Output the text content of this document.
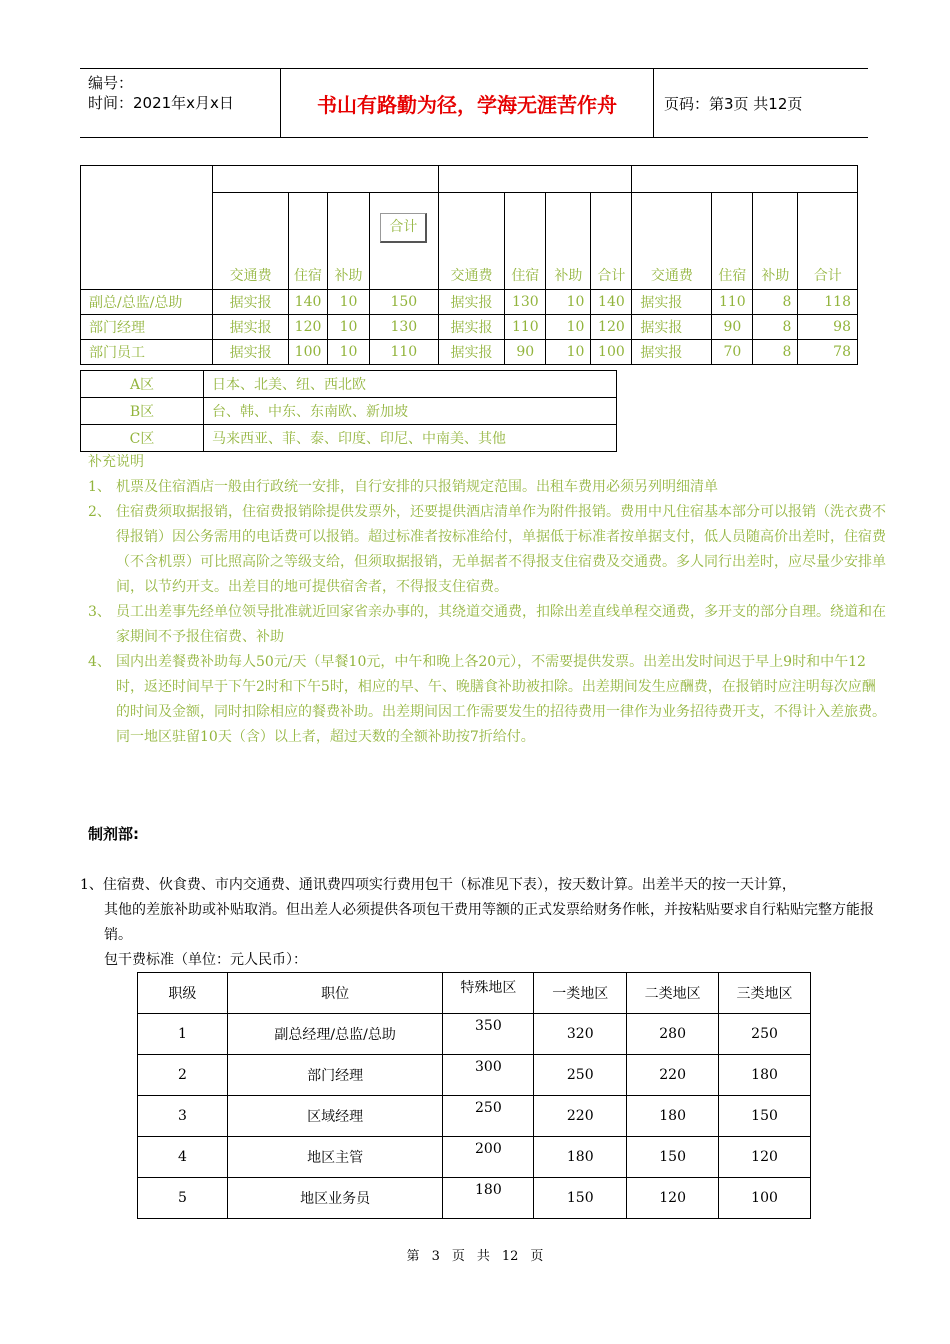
编号：
时间：2021年x月x日	书山有路勤为径，学海无涯苦作舟	页码：第3页 共12页

	交通费	住宿	补助	合计	交通费	住宿	补助	合计	交通费	住宿	补助	合计
副总/总监/总助	据实报	140	10	150	据实报	130	10	140	据实报	110	8	118
部门经理	据实报	120	10	130	据实报	110	10	120	据实报	90	8	98
部门员工	据实报	100	10	110	据实报	90	10	100	据实报	70	8	78
A区	日本、北美、纽、西北欧
B区	台、韩、中东、东南欧、新加坡
C区	马来西亚、菲、泰、印度、印尼、中南美、其他
补充说明
1、 机票及住宿酒店一般由行政统一安排，自行安排的只报销规定范围。出租车费用必须另列明细清单
2、 住宿费须取据报销，住宿费报销除提供发票外，还要提供酒店清单作为附件报销。费用中凡住宿基本部分可以报销（洗衣费不得报销）因公务需用的电话费可以报销。超过标准者按标准给付，单据低于标准者按单据支付，低人员随高价出差时，住宿费（不含机票）可比照高阶之等级支给，但须取据报销，无单据者不得报支住宿费及交通费。多人同行出差时，应尽量少安排单间，以节约开支。出差目的地可提供宿舍者，不得报支住宿费。
3、 员工出差事先经单位领导批准就近回家省亲办事的，其绕道交通费，扣除出差直线单程交通费，多开支的部分自理。绕道和在家期间不予报住宿费、补助
4、 国内出差餐费补助每人50元/天（早餐10元，中午和晚上各20元），不需要提供发票。出差出发时间迟于早上9时和中午12时，返还时间早于下午2时和下午5时，相应的早、午、晚膳食补助被扣除。出差期间发生应酬费，在报销时应注明每次应酬的时间及金额，同时扣除相应的餐费补助。出差期间因工作需要发生的招待费用一律作为业务招待费开支，不得计入差旅费。同一地区驻留10天（含）以上者，超过天数的全额补助按7折给付。
制剂部:
1、住宿费、伙食费、市内交通费、通讯费四项实行费用包干（标准见下表），按天数计算。出差半天的按一天计算，
其他的差旅补助或补贴取消。但出差人必须提供各项包干费用等额的正式发票给财务作帐，并按粘贴要求自行粘贴完整方能报销。
包干费标准（单位：元人民币）：
职级	职位	特殊地区	一类地区	二类地区	三类地区
1	副总经理/总监/总助	350	320	280	250
2	部门经理	300	250	220	180
3	区域经理	250	220	180	150
4	地区主管	200	180	150	120
5	地区业务员	180	150	120	100
第 3 页 共 12 页
